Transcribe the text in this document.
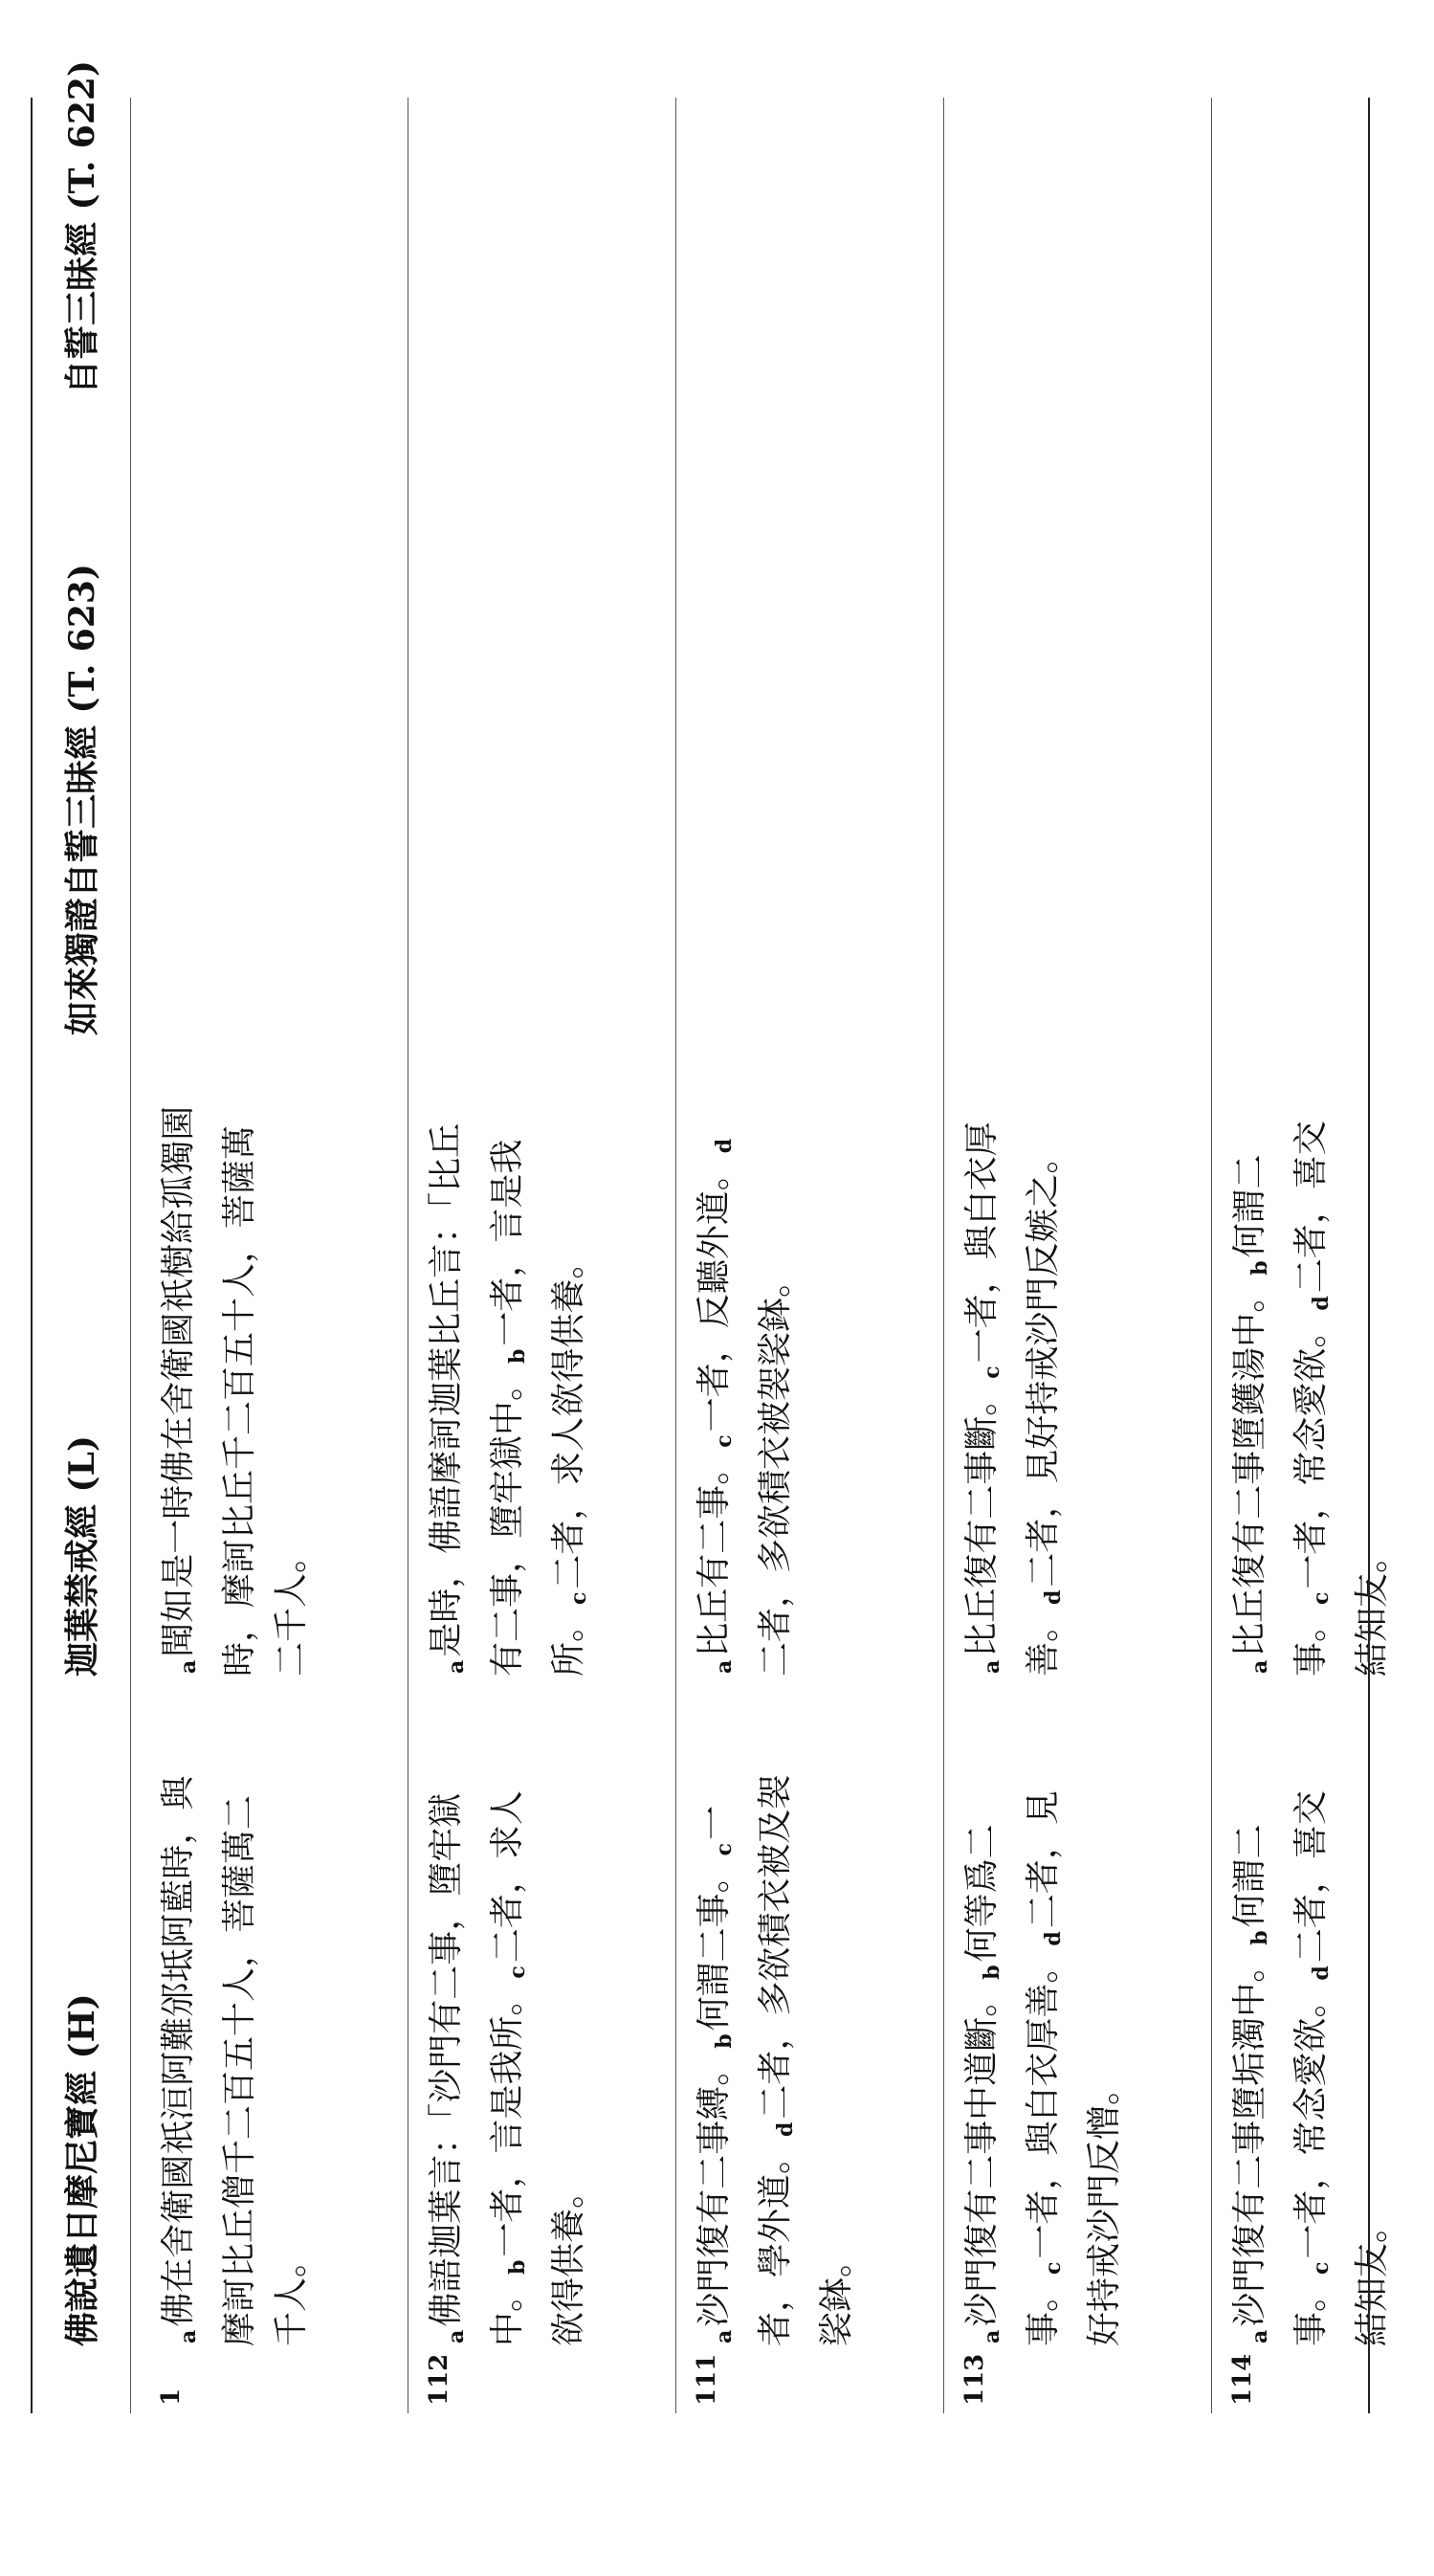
佛說遺日摩尼寶經 (H)
迦葉禁戒經 (L)
如來獨證自誓三昧經 (T. 623)
自誓三昧經 (T. 622)
1
a佛在舍衛國祇洹阿難邠坻阿藍時，與摩訶比丘僧千二百五十人，菩薩萬二千人。
a聞如是一時佛在舍衛國祇樹給孤獨園時，摩訶比丘千二百五十人，菩薩萬二千人。
112
a佛語迦葉言：「沙門有二事，墮牢獄中。b一者，言是我所。c二者，求人欲得供養。
a是時，佛語摩訶迦葉比丘言：「比丘有二事，墮牢獄中。b一者，言是我所。c二者，求人欲得供養。
111
a沙門復有二事縛。b何謂二事。c一者，學外道。d二者，多欲積衣被及袈裟鉢。
a比丘有二事。c一者，反聽外道。d二者，多欲積衣被袈裟鉢。
113
a沙門復有二事中道斷。b何等爲二事。c一者，與白衣厚善。d二者，見好持戒沙門反憎。
a比丘復有二事斷。c一者，與白衣厚善。d二者，見好持戒沙門反嫉之。
114
a沙門復有二事墮垢濁中。b何謂二事。c一者，常念愛欲。d二者，喜交結知友。
a比丘復有二事墮鑊湯中。b何謂二事。c一者，常念愛欲。d二者，喜交結知友。
